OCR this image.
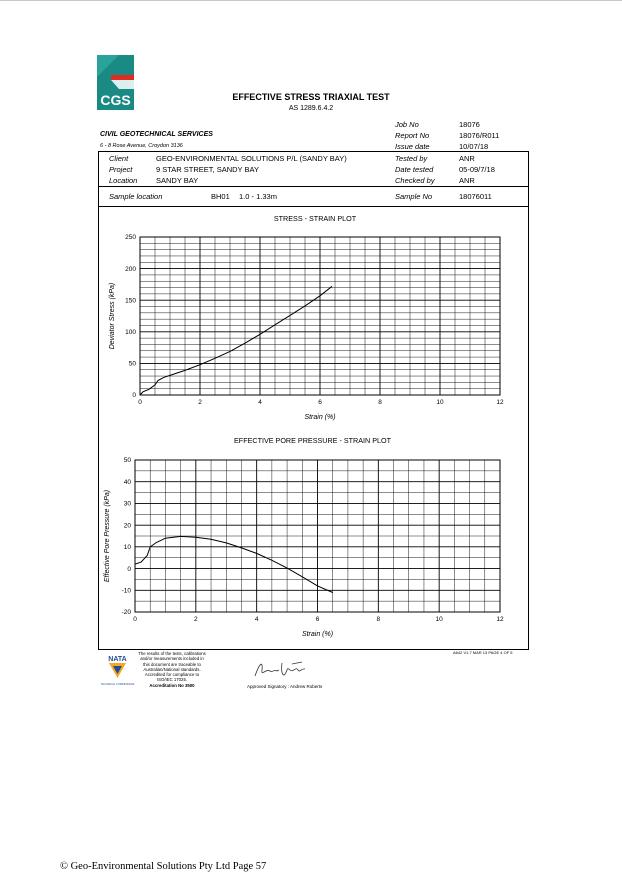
CGS	EFFECTIVE STRESS TRIAXIAL TEST
AS 1289.6.4.2
Job No	18076
Report No	18076/R011
Issue date	10/07/18
CIVIL GEOTECHNICAL SERVICES
6 - 8 Rose Avenue, Croydon 3136
Client	GEO-ENVIRONMENTAL SOLUTIONS P/L (SANDY BAY)
Project	9 STAR STREET, SANDY BAY
Location SANDY BAY
Tested by	ANR
Date tested	05-09/7/18
Checked by	ANR
Sample location	BH01 1.0 - 1.33m	Sample No	18076011
STRESS - STRAIN PLOT
0	2	4	6	8	10	12
0
50
100
150
200
250
Strain (%)
Deviator Stress (kPa)
EFFECTIVE PORE PRESSURE - STRAIN PLOT
0	2	4	6	8	10	12
-20
-10
0
10
20
30
40
50
Strain (%)
Effective Pore Pressure (kPa)
NATA
TECHNICAL COMPETENCE
The results of the tests, calibrations
and/or measurements included in
this document are traceable to
Australian/National standards.
Accredited for compliance to
ISO/IEC 17025.
Accreditation No 3500	Approved Signatory : Andrew Roberts
A642 V1.7 MAR 13 PAGE 4 OF 5
© Geo-Environmental Solutions Pty Ltd Page 57
